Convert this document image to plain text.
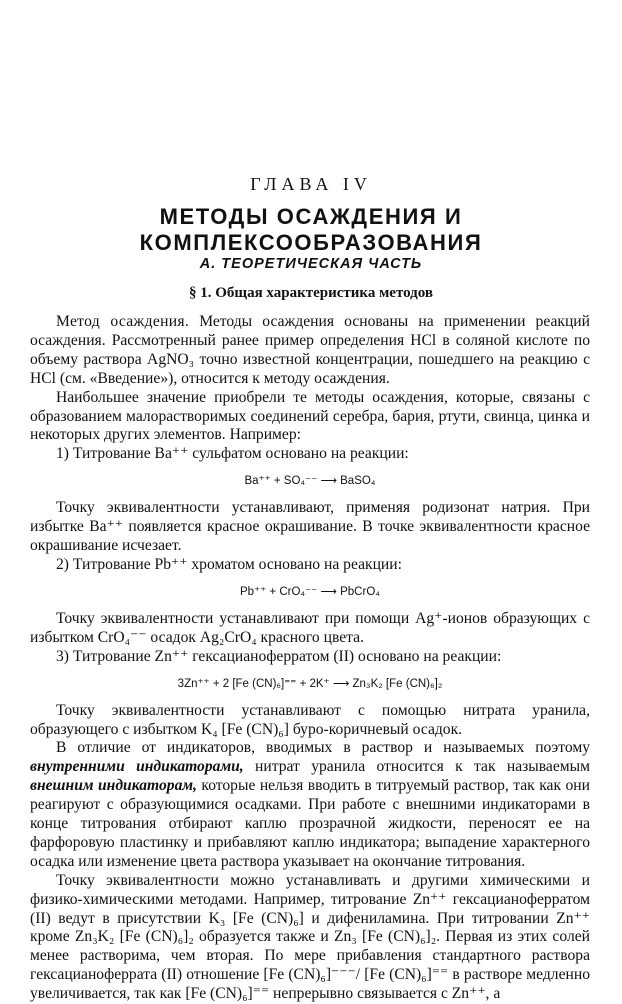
ГЛАВА IV
МЕТОДЫ ОСАЖДЕНИЯ И КОМПЛЕКСООБРАЗОВАНИЯ
А. ТЕОРЕТИЧЕСКАЯ ЧАСТЬ
§ 1. Общая характеристика методов

Метод осаждения. Методы осаждения основаны на применении реакций осаждения. Рассмотренный ранее пример определения HCl в соляной кислоте по объему раствора AgNO₃ точно известной концентрации, пошедшего на реакцию с HCl (см. «Введение»), относится к методу осаждения.

Наибольшее значение приобрели те методы осаждения, которые, связаны с образованием малорастворимых соединений серебра, бария, ртути, свинца, цинка и некоторых других элементов. Например:

1) Титрование Ba⁺⁺ сульфатом основано на реакции:

Ba⁺⁺ + SO₄⁻⁻ ⟶ BaSO₄

Точку эквивалентности устанавливают, применяя родизонат натрия. При избытке Ba⁺⁺ появляется красное окрашивание. В точке эквивалентности красное окрашивание исчезает.

2) Титрование Pb⁺⁺ хроматом основано на реакции:

Pb⁺⁺ + CrO₄⁻⁻ ⟶ PbCrO₄

Точку эквивалентности устанавливают при помощи Ag⁺-ионов образующих с избытком CrO₄⁻⁻ осадок Ag₂CrO₄ красного цвета.

3) Титрование Zn⁺⁺ гексацианоферратом (II) основано на реакции:

3Zn⁺⁺ + 2 [Fe (CN)₆]⁼⁼ + 2K⁺ ⟶ Zn₃K₂ [Fe (CN)₆]₂

Точку эквивалентности устанавливают с помощью нитрата уранила, образующего с избытком K₄ [Fe (CN)₆] буро-коричневый осадок.

В отличие от индикаторов, вводимых в раствор и называемых поэтому внутренними индикаторами, нитрат уранила относится к так называемым внешним индикаторам, которые нельзя вводить в титруемый раствор, так как они реагируют с образующимися осадками. При работе с внешними индикаторами в конце титрования отбирают каплю прозрачной жидкости, переносят ее на фарфоровую пластинку и прибавляют каплю индикатора; выпадение характерного осадка или изменение цвета раствора указывает на окончание титрования.

Точку эквивалентности можно устанавливать и другими химическими и физико-химическими методами. Например, титрование Zn⁺⁺ гексацианоферратом (II) ведут в присутствии K₃ [Fe (CN)₆] и дифениламина. При титровании Zn⁺⁺ кроме Zn₃K₂ [Fe (CN)₆]₂ образуется также и Zn₃ [Fe (CN)₆]₂. Первая из этих солей менее растворима, чем вторая. По мере прибавления стандартного раствора гексацианоферрата (II) отношение [Fe (CN)₆]⁻⁻⁻/ [Fe (CN)₆]⁼⁼ в растворе медленно увеличивается, так как [Fe (CN)₆]⁼⁼ непрерывно связывается с Zn⁺⁺, а
